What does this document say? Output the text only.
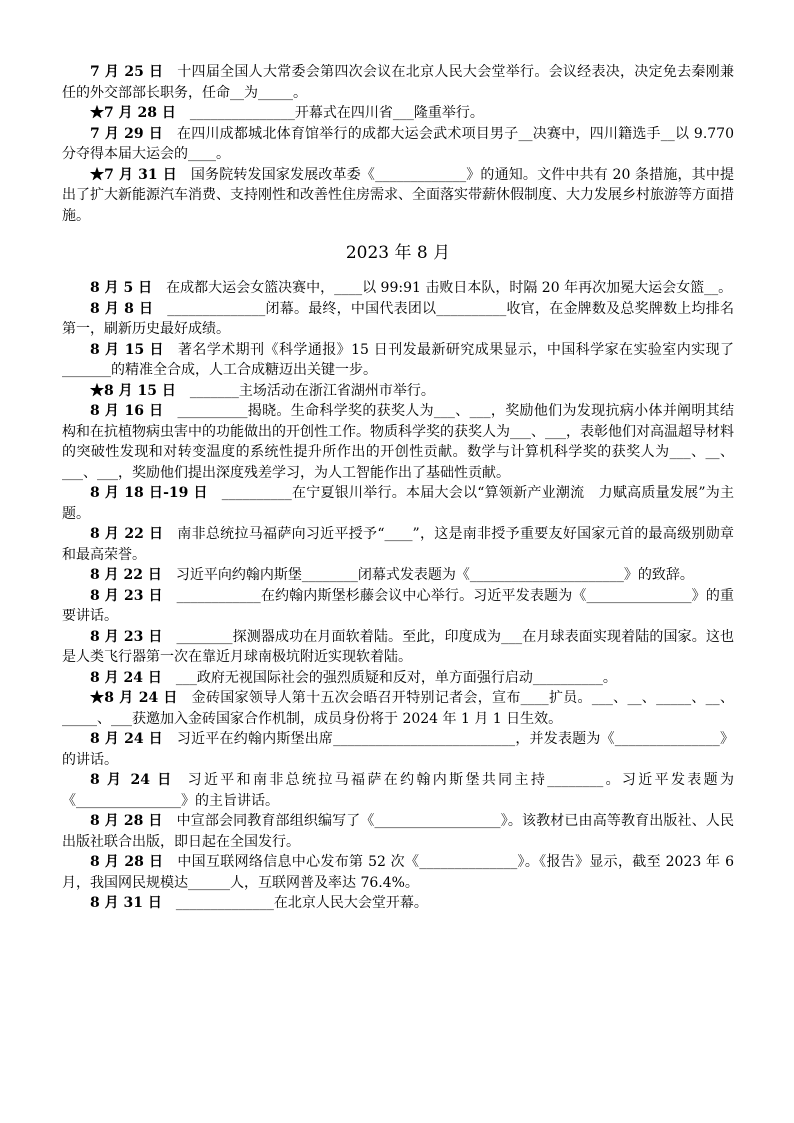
7 月 25 日 十四届全国人大常委会第四次会议在北京人民大会堂举行。会议经表决，决定免去秦刚兼任的外交部部长职务，任命__为_____。

★7 月 28 日 _______________开幕式在四川省___隆重举行。

7 月 29 日 在四川成都城北体育馆举行的成都大运会武术项目男子__决赛中，四川籍选手__以 9.770 分夺得本届大运会的____。

★7 月 31 日 国务院转发国家发展改革委《_____________》的通知。文件中共有 20 条措施，其中提出了扩大新能源汽车消费、支持刚性和改善性住房需求、全面落实带薪休假制度、大力发展乡村旅游等方面措施。

2023 年 8 月

8 月 5 日 在成都大运会女篮决赛中，____以 99:91 击败日本队，时隔 20 年再次加冕大运会女篮__。

8 月 8 日 ______________闭幕。最终，中国代表团以__________收官，在金牌数及总奖牌数上均排名第一，刷新历史最好成绩。

8 月 15 日 著名学术期刊《科学通报》15 日刊发最新研究成果显示，中国科学家在实验室内实现了_______的精准全合成，人工合成糖迈出关键一步。

★8 月 15 日 _______主场活动在浙江省湖州市举行。

8 月 16 日 __________揭晓。生命科学奖的获奖人为___、___，奖励他们为发现抗病小体并阐明其结构和在抗植物病虫害中的功能做出的开创性工作。物质科学奖的获奖人为___、___，表彰他们对高温超导材料的突破性发现和对转变温度的系统性提升所作出的开创性贡献。数学与计算机科学奖的获奖人为___、__、___、___，奖励他们提出深度残差学习，为人工智能作出了基础性贡献。

8 月 18 日-19 日 __________在宁夏银川举行。本届大会以“算领新产业潮流　力赋高质量发展”为主题。

8 月 22 日 南非总统拉马福萨向习近平授予“____”，这是南非授予重要友好国家元首的最高级别勋章和最高荣誉。

8 月 22 日 习近平向约翰内斯堡________闭幕式发表题为《______________________》的致辞。

8 月 23 日 ____________在约翰内斯堡杉藤会议中心举行。习近平发表题为《_______________》的重要讲话。

8 月 23 日 ________探测器成功在月面软着陆。至此，印度成为___在月球表面实现着陆的国家。这也是人类飞行器第一次在靠近月球南极坑附近实现软着陆。

8 月 24 日 ___政府无视国际社会的强烈质疑和反对，单方面强行启动__________。

★8 月 24 日 金砖国家领导人第十五次会晤召开特别记者会，宣布____扩员。___、__、_____、__、_____、___获邀加入金砖国家合作机制，成员身份将于 2024 年 1 月 1 日生效。

8 月 24 日 习近平在约翰内斯堡出席__________________________，并发表题为《_______________》的讲话。

8 月 24 日 习近平和南非总统拉马福萨在约翰内斯堡共同主持________。习近平发表题为《_______________》的主旨讲话。

8 月 28 日 中宣部会同教育部组织编写了《__________________》。该教材已由高等教育出版社、人民出版社联合出版，即日起在全国发行。

8 月 28 日 中国互联网络信息中心发布第 52 次《______________》。《报告》显示，截至 2023 年 6 月，我国网民规模达______人，互联网普及率达 76.4%。

8 月 31 日 ______________在北京人民大会堂开幕。
